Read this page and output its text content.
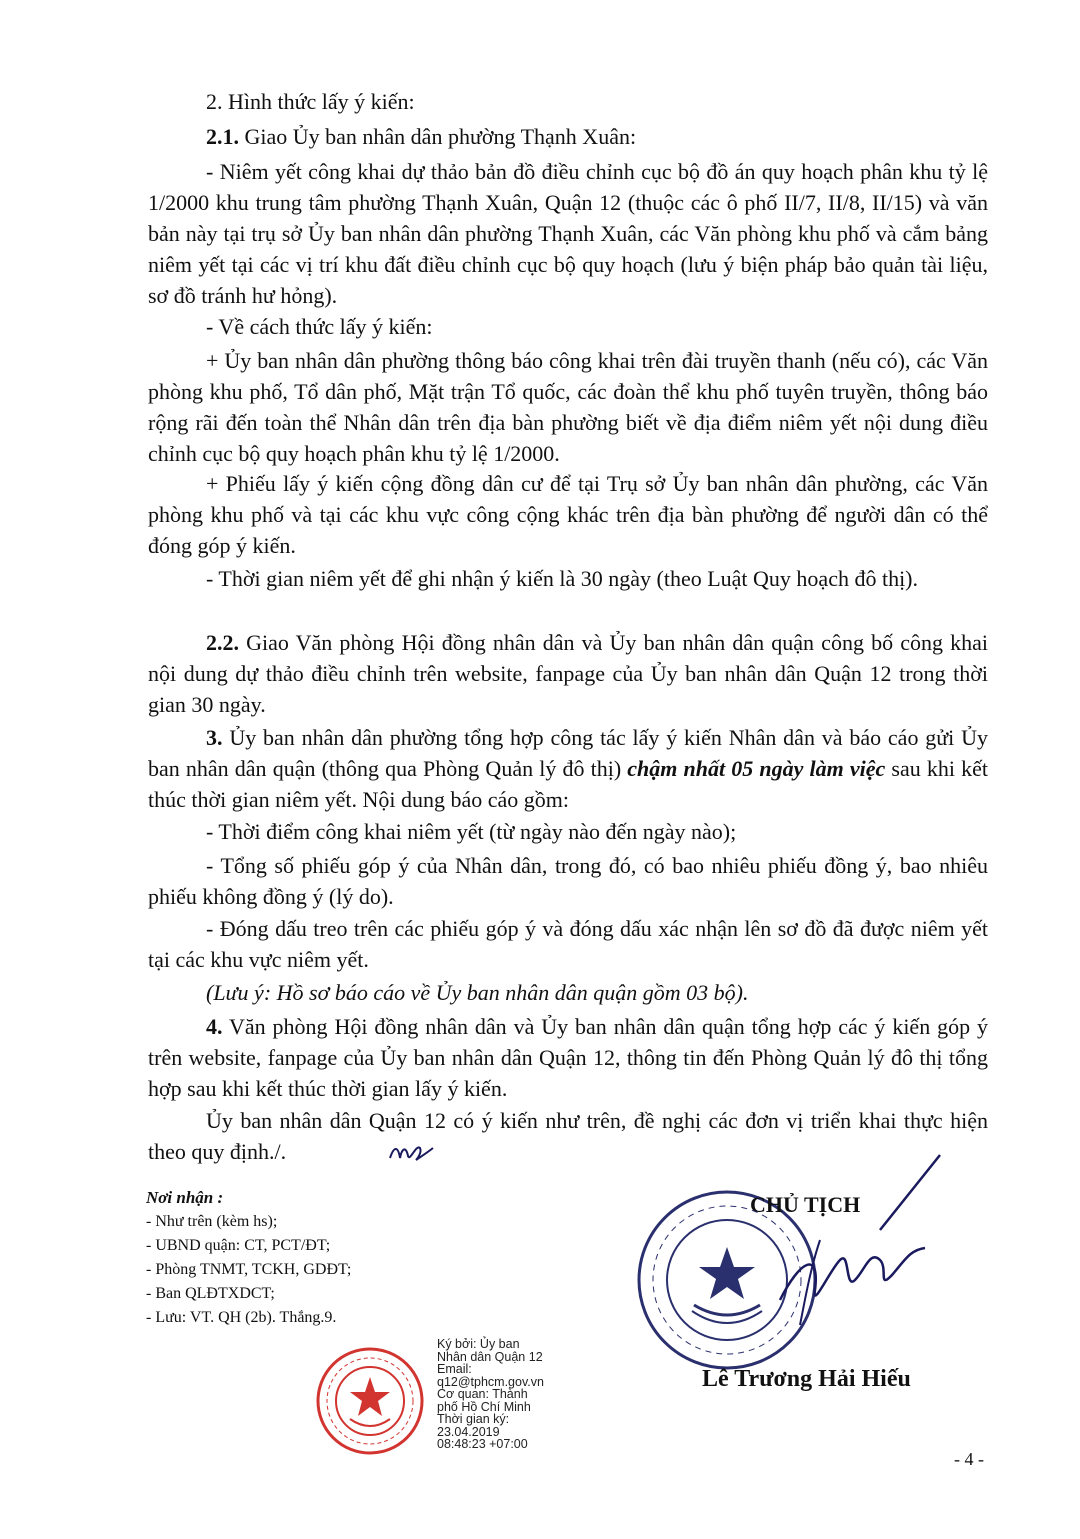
2. Hình thức lấy ý kiến:

2.1. Giao Ủy ban nhân dân phường Thạnh Xuân:

- Niêm yết công khai dự thảo bản đồ điều chỉnh cục bộ đồ án quy hoạch phân khu tỷ lệ 1/2000 khu trung tâm phường Thạnh Xuân, Quận 12 (thuộc các ô phố II/7, II/8, II/15) và văn bản này tại trụ sở Ủy ban nhân dân phường Thạnh Xuân, các Văn phòng khu phố và cắm bảng niêm yết tại các vị trí khu đất điều chỉnh cục bộ quy hoạch (lưu ý biện pháp bảo quản tài liệu, sơ đồ tránh hư hỏng).

- Về cách thức lấy ý kiến:

+ Ủy ban nhân dân phường thông báo công khai trên đài truyền thanh (nếu có), các Văn phòng khu phố, Tổ dân phố, Mặt trận Tổ quốc, các đoàn thể khu phố tuyên truyền, thông báo rộng rãi đến toàn thể Nhân dân trên địa bàn phường biết về địa điểm niêm yết nội dung điều chỉnh cục bộ quy hoạch phân khu tỷ lệ 1/2000.

+ Phiếu lấy ý kiến cộng đồng dân cư để tại Trụ sở Ủy ban nhân dân phường, các Văn phòng khu phố và tại các khu vực công cộng khác trên địa bàn phường để người dân có thể đóng góp ý kiến.

- Thời gian niêm yết để ghi nhận ý kiến là 30 ngày (theo Luật Quy hoạch đô thị).

2.2. Giao Văn phòng Hội đồng nhân dân và Ủy ban nhân dân quận công bố công khai nội dung dự thảo điều chỉnh trên website, fanpage của Ủy ban nhân dân Quận 12 trong thời gian 30 ngày.

3. Ủy ban nhân dân phường tổng hợp công tác lấy ý kiến Nhân dân và báo cáo gửi Ủy ban nhân dân quận (thông qua Phòng Quản lý đô thị) chậm nhất 05 ngày làm việc sau khi kết thúc thời gian niêm yết. Nội dung báo cáo gồm:

- Thời điểm công khai niêm yết (từ ngày nào đến ngày nào);

- Tổng số phiếu góp ý của Nhân dân, trong đó, có bao nhiêu phiếu đồng ý, bao nhiêu phiếu không đồng ý (lý do).

- Đóng dấu treo trên các phiếu góp ý và đóng dấu xác nhận lên sơ đồ đã được niêm yết tại các khu vực niêm yết.

(Lưu ý: Hồ sơ báo cáo về Ủy ban nhân dân quận gồm 03 bộ).

4. Văn phòng Hội đồng nhân dân và Ủy ban nhân dân quận tổng hợp các ý kiến góp ý trên website, fanpage của Ủy ban nhân dân Quận 12, thông tin đến Phòng Quản lý đô thị tổng hợp sau khi kết thúc thời gian lấy ý kiến.

Ủy ban nhân dân Quận 12 có ý kiến như trên, đề nghị các đơn vị triển khai thực hiện theo quy định./.

Nơi nhận :
- Như trên (kèm hs);
- UBND quận: CT, PCT/ĐT;
- Phòng TNMT, TCKH, GDĐT;
- Ban QLĐTXDCT;
- Lưu: VT. QH (2b). Thắng.9.
CHỦ TỊCH
Lê Trương Hải Hiếu
Ký bởi: Ủy ban
Nhân dân Quận 12
Email:
q12@tphcm.gov.vn
Cơ quan: Thành
phố Hồ Chí Minh
Thời gian ký:
23.04.2019
08:48:23 +07:00
- 4 -
